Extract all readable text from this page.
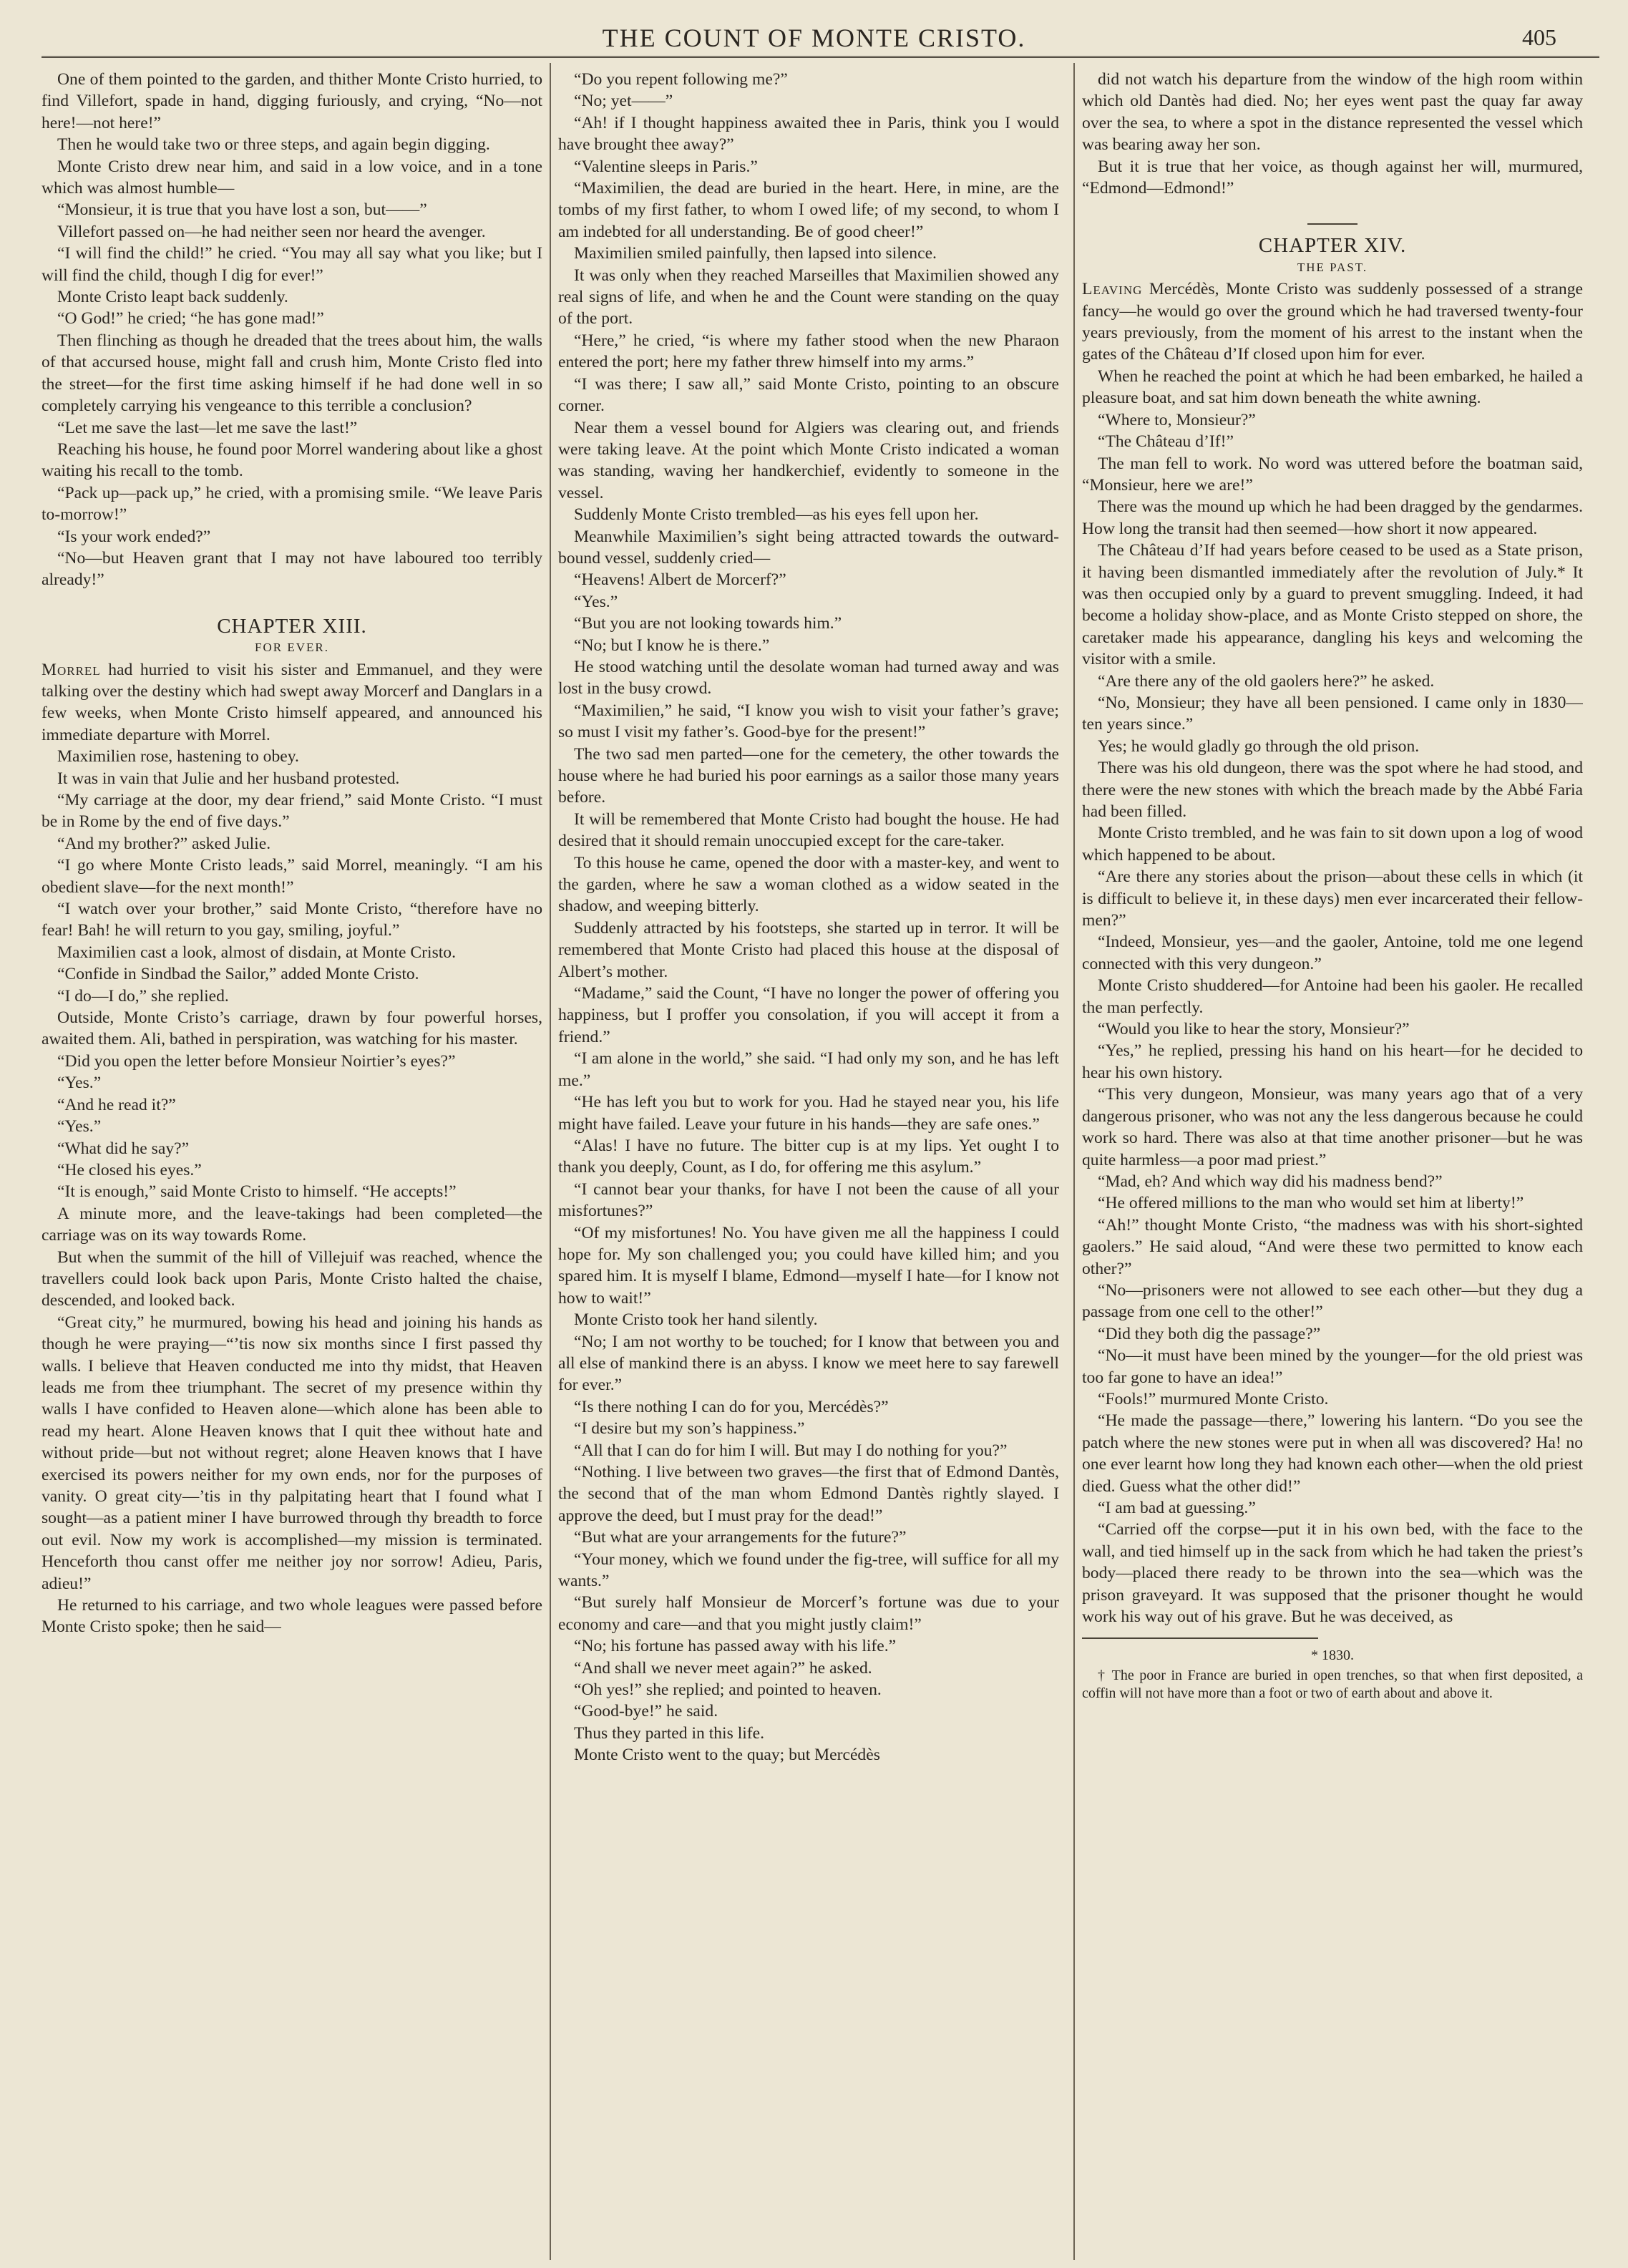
THE COUNT OF MONTE CRISTO.	405

One of them pointed to the garden, and thither Monte Cristo hurried, to find Villefort, spade in hand, digging furiously, and crying, “No—not here!—not here!”

Then he would take two or three steps, and again begin digging.

Monte Cristo drew near him, and said in a low voice, and in a tone which was almost humble—

“Monsieur, it is true that you have lost a son, but——”

Villefort passed on—he had neither seen nor heard the avenger.

“I will find the child!” he cried. “You may all say what you like; but I will find the child, though I dig for ever!”

Monte Cristo leapt back suddenly.

“O God!” he cried; “he has gone mad!”

Then flinching as though he dreaded that the trees about him, the walls of that accursed house, might fall and crush him, Monte Cristo fled into the street—for the first time asking himself if he had done well in so completely carrying his vengeance to this terrible a conclusion?

“Let me save the last—let me save the last!”

Reaching his house, he found poor Morrel wandering about like a ghost waiting his recall to the tomb.

“Pack up—pack up,” he cried, with a promising smile. “We leave Paris to-morrow!”

“Is your work ended?”

“No—but Heaven grant that I may not have laboured too terribly already!”

CHAPTER XIII.

FOR EVER.

Morrel had hurried to visit his sister and Emmanuel, and they were talking over the destiny which had swept away Morcerf and Danglars in a few weeks, when Monte Cristo himself appeared, and announced his immediate departure with Morrel.

Maximilien rose, hastening to obey.

It was in vain that Julie and her husband protested.

“My carriage at the door, my dear friend,” said Monte Cristo. “I must be in Rome by the end of five days.”

“And my brother?” asked Julie.

“I go where Monte Cristo leads,” said Morrel, meaningly. “I am his obedient slave—for the next month!”

“I watch over your brother,” said Monte Cristo, “therefore have no fear! Bah! he will return to you gay, smiling, joyful.”

Maximilien cast a look, almost of disdain, at Monte Cristo.

“Confide in Sindbad the Sailor,” added Monte Cristo.

“I do—I do,” she replied.

Outside, Monte Cristo’s carriage, drawn by four powerful horses, awaited them. Ali, bathed in perspiration, was watching for his master.

“Did you open the letter before Monsieur Noirtier’s eyes?”

“Yes.”

“And he read it?”

“Yes.”

“What did he say?”

“He closed his eyes.”

“It is enough,” said Monte Cristo to himself. “He accepts!”

A minute more, and the leave-takings had been completed—the carriage was on its way towards Rome.

But when the summit of the hill of Villejuif was reached, whence the travellers could look back upon Paris, Monte Cristo halted the chaise, descended, and looked back.

“Great city,” he murmured, bowing his head and joining his hands as though he were praying—“’tis now six months since I first passed thy walls. I believe that Heaven conducted me into thy midst, that Heaven leads me from thee triumphant. The secret of my presence within thy walls I have confided to Heaven alone—which alone has been able to read my heart. Alone Heaven knows that I quit thee without hate and without pride—but not without regret; alone Heaven knows that I have exercised its powers neither for my own ends, nor for the purposes of vanity. O great city—’tis in thy palpitating heart that I found what I sought—as a patient miner I have burrowed through thy breadth to force out evil. Now my work is accomplished—my mission is terminated. Henceforth thou canst offer me neither joy nor sorrow! Adieu, Paris, adieu!”

He returned to his carriage, and two whole leagues were passed before Monte Cristo spoke; then he said—

“Do you repent following me?”

“No; yet——”

“Ah! if I thought happiness awaited thee in Paris, think you I would have brought thee away?”

“Valentine sleeps in Paris.”

“Maximilien, the dead are buried in the heart. Here, in mine, are the tombs of my first father, to whom I owed life; of my second, to whom I am indebted for all understanding. Be of good cheer!”

Maximilien smiled painfully, then lapsed into silence.

It was only when they reached Marseilles that Maximilien showed any real signs of life, and when he and the Count were standing on the quay of the port.

“Here,” he cried, “is where my father stood when the new Pharaon entered the port; here my father threw himself into my arms.”

“I was there; I saw all,” said Monte Cristo, pointing to an obscure corner.

Near them a vessel bound for Algiers was clearing out, and friends were taking leave. At the point which Monte Cristo indicated a woman was standing, waving her handkerchief, evidently to someone in the vessel.

Suddenly Monte Cristo trembled—as his eyes fell upon her.

Meanwhile Maximilien’s sight being attracted towards the outward-bound vessel, suddenly cried—

“Heavens! Albert de Morcerf?”

“Yes.”

“But you are not looking towards him.”

“No; but I know he is there.”

He stood watching until the desolate woman had turned away and was lost in the busy crowd.

“Maximilien,” he said, “I know you wish to visit your father’s grave; so must I visit my father’s. Good-bye for the present!”

The two sad men parted—one for the cemetery, the other towards the house where he had buried his poor earnings as a sailor those many years before.

It will be remembered that Monte Cristo had bought the house. He had desired that it should remain unoccupied except for the care-taker.

To this house he came, opened the door with a master-key, and went to the garden, where he saw a woman clothed as a widow seated in the shadow, and weeping bitterly.

Suddenly attracted by his footsteps, she started up in terror. It will be remembered that Monte Cristo had placed this house at the disposal of Albert’s mother.

“Madame,” said the Count, “I have no longer the power of offering you happiness, but I proffer you consolation, if you will accept it from a friend.”

“I am alone in the world,” she said. “I had only my son, and he has left me.”

“He has left you but to work for you. Had he stayed near you, his life might have failed. Leave your future in his hands—they are safe ones.”

“Alas! I have no future. The bitter cup is at my lips. Yet ought I to thank you deeply, Count, as I do, for offering me this asylum.”

“I cannot bear your thanks, for have I not been the cause of all your misfortunes?”

“Of my misfortunes! No. You have given me all the happiness I could hope for. My son challenged you; you could have killed him; and you spared him. It is myself I blame, Edmond—myself I hate—for I know not how to wait!”

Monte Cristo took her hand silently.

“No; I am not worthy to be touched; for I know that between you and all else of mankind there is an abyss. I know we meet here to say farewell for ever.”

“Is there nothing I can do for you, Mercédès?”

“I desire but my son’s happiness.”

“All that I can do for him I will. But may I do nothing for you?”

“Nothing. I live between two graves—the first that of Edmond Dantès, the second that of the man whom Edmond Dantès rightly slayed. I approve the deed, but I must pray for the dead!”

“But what are your arrangements for the future?”

“Your money, which we found under the fig-tree, will suffice for all my wants.”

“But surely half Monsieur de Morcerf’s fortune was due to your economy and care—and that you might justly claim!”

“No; his fortune has passed away with his life.”

“And shall we never meet again?” he asked.

“Oh yes!” she replied; and pointed to heaven.

“Good-bye!” he said.

Thus they parted in this life.

Monte Cristo went to the quay; but Mercédès

did not watch his departure from the window of the high room within which old Dantès had died. No; her eyes went past the quay far away over the sea, to where a spot in the distance represented the vessel which was bearing away her son.

But it is true that her voice, as though against her will, murmured, “Edmond—Edmond!”

CHAPTER XIV.

THE PAST.

Leaving Mercédès, Monte Cristo was suddenly possessed of a strange fancy—he would go over the ground which he had traversed twenty-four years previously, from the moment of his arrest to the instant when the gates of the Château d’If closed upon him for ever.

When he reached the point at which he had been embarked, he hailed a pleasure boat, and sat him down beneath the white awning.

“Where to, Monsieur?”

“The Château d’If!”

The man fell to work. No word was uttered before the boatman said, “Monsieur, here we are!”

There was the mound up which he had been dragged by the gendarmes. How long the transit had then seemed—how short it now appeared.

The Château d’If had years before ceased to be used as a State prison, it having been dismantled immediately after the revolution of July.* It was then occupied only by a guard to prevent smuggling. Indeed, it had become a holiday show-place, and as Monte Cristo stepped on shore, the caretaker made his appearance, dangling his keys and welcoming the visitor with a smile.

“Are there any of the old gaolers here?” he asked.

“No, Monsieur; they have all been pensioned. I came only in 1830—ten years since.”

Yes; he would gladly go through the old prison.

There was his old dungeon, there was the spot where he had stood, and there were the new stones with which the breach made by the Abbé Faria had been filled.

Monte Cristo trembled, and he was fain to sit down upon a log of wood which happened to be about.

“Are there any stories about the prison—about these cells in which (it is difficult to believe it, in these days) men ever incarcerated their fellow-men?”

“Indeed, Monsieur, yes—and the gaoler, Antoine, told me one legend connected with this very dungeon.”

Monte Cristo shuddered—for Antoine had been his gaoler. He recalled the man perfectly.

“Would you like to hear the story, Monsieur?”

“Yes,” he replied, pressing his hand on his heart—for he decided to hear his own history.

“This very dungeon, Monsieur, was many years ago that of a very dangerous prisoner, who was not any the less dangerous because he could work so hard. There was also at that time another prisoner—but he was quite harmless—a poor mad priest.”

“Mad, eh? And which way did his madness bend?”

“He offered millions to the man who would set him at liberty!”

“Ah!” thought Monte Cristo, “the madness was with his short-sighted gaolers.” He said aloud, “And were these two permitted to know each other?”

“No—prisoners were not allowed to see each other—but they dug a passage from one cell to the other!”

“Did they both dig the passage?”

“No—it must have been mined by the younger—for the old priest was too far gone to have an idea!”

“Fools!” murmured Monte Cristo.

“He made the passage—there,” lowering his lantern. “Do you see the patch where the new stones were put in when all was discovered? Ha! no one ever learnt how long they had known each other—when the old priest died. Guess what the other did!”

“I am bad at guessing.”

“Carried off the corpse—put it in his own bed, with the face to the wall, and tied himself up in the sack from which he had taken the priest’s body—placed there ready to be thrown into the sea—which was the prison graveyard. It was supposed that the prisoner thought he would work his way out of his grave. But he was deceived, as

* 1830.

† The poor in France are buried in open trenches, so that when first deposited, a coffin will not have more than a foot or two of earth about and above it.
